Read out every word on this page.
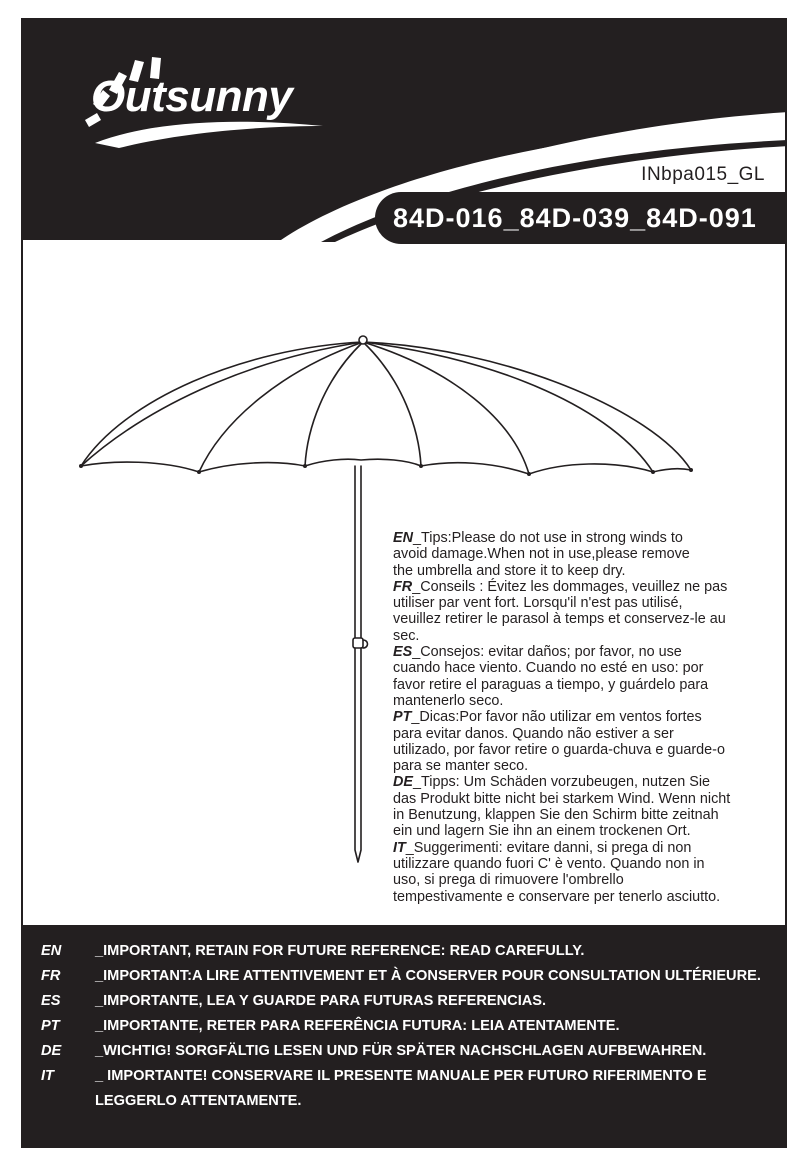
Outsunny
INbpa015_GL
84D-016_84D-039_84D-091
EN_Tips:Please do not use in strong winds to
avoid damage.When not in use,please remove
the umbrella and store it to keep dry.
FR_Conseils : Évitez les dommages, veuillez ne pas
utiliser par vent fort. Lorsqu'il n'est pas utilisé,
veuillez retirer le parasol à temps et conservez-le au
sec.
ES_Consejos: evitar daños; por favor, no use
cuando hace viento. Cuando no esté en uso: por
favor retire el paraguas a tiempo, y guárdelo para
mantenerlo seco.
PT_Dicas:Por favor não utilizar em ventos fortes
para evitar danos. Quando não estiver a ser
utilizado, por favor retire o guarda-chuva e guarde-o
para se manter seco.
DE_Tipps: Um Schäden vorzubeugen, nutzen Sie
das Produkt bitte nicht bei starkem Wind. Wenn nicht
in Benutzung, klappen Sie den Schirm bitte zeitnah
ein und lagern Sie ihn an einem trockenen Ort.
IT_Suggerimenti: evitare danni, si prega di non
utilizzare quando fuori C' è vento. Quando non in
uso, si prega di rimuovere l'ombrello
tempestivamente e conservare per tenerlo asciutto.
EN	_IMPORTANT, RETAIN FOR FUTURE REFERENCE: READ CAREFULLY.
FR	_IMPORTANT:A LIRE ATTENTIVEMENT ET À CONSERVER POUR CONSULTATION ULTÉRIEURE.
ES	_IMPORTANTE, LEA Y GUARDE PARA FUTURAS REFERENCIAS.
PT	_IMPORTANTE, RETER PARA REFERÊNCIA FUTURA: LEIA ATENTAMENTE.
DE	_WICHTIG! SORGFÄLTIG LESEN UND FÜR SPÄTER NACHSCHLAGEN AUFBEWAHREN.
IT	_ IMPORTANTE! CONSERVARE IL PRESENTE MANUALE PER FUTURO RIFERIMENTO E LEGGERLO ATTENTAMENTE.
